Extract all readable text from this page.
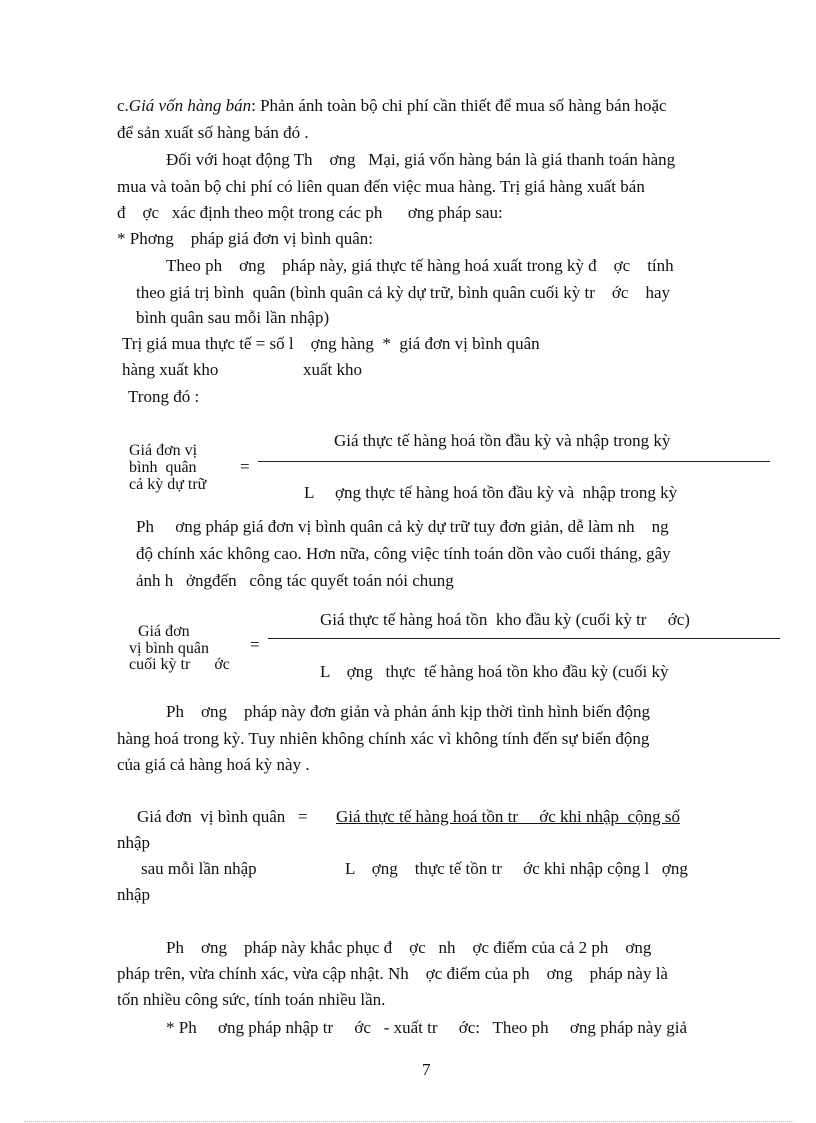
c.Giá vốn hàng bán: Phản ánh toàn bộ chi phí cần thiết để mua số hàng bán hoặc
để sản xuất số hàng bán đó .
Đối với hoạt động Th    ơng   Mại, giá vốn hàng bán là giá thanh toán hàng
mua và toàn bộ chi phí có liên quan đến việc mua hàng. Trị giá hàng xuất bán
đ    ợc   xác định theo một trong các ph      ơng pháp sau:
* Phơng    pháp giá đơn vị bình quân:
Theo ph    ơng    pháp này, giá thực tế hàng hoá xuất trong kỳ đ    ợc    tính
theo giá trị bình  quân (bình quân cả kỳ dự trữ, bình quân cuối kỳ tr    ớc    hay
bình quân sau mỗi lần nhập)
Trị giá mua thực tế = số l    ợng hàng  *  giá đơn vị bình quân
hàng xuất kho	xuất kho
Trong đó :
Giá đơn vị
bình  quân
cả kỳ dự trữ
=
Giá thực tế hàng hoá tồn đầu kỳ và nhập trong kỳ
L     ợng thực tế hàng hoá tồn đầu kỳ và  nhập trong kỳ
Ph     ơng pháp giá đơn vị bình quân cả kỳ dự trữ tuy đơn giản, dễ làm nh    ng
độ chính xác không cao. Hơn nữa, công việc tính toán dồn vào cuối tháng, gây
ảnh h   ởngđến   công tác quyết toán nói chung
Giá đơn
vị bình quân
cuối kỳ tr      ớc
=
Giá thực tế hàng hoá tồn  kho đầu kỳ (cuối kỳ tr     ớc)
L    ợng   thực  tế hàng hoá tồn kho đầu kỳ (cuối kỳ
Ph    ơng    pháp này đơn giản và phản ánh kịp thời tình hình biến động
hàng hoá trong kỳ. Tuy nhiên không chính xác vì không tính đến sự biến động
của giá cả hàng hoá kỳ này .
Giá đơn  vị bình quân   = Giá thực tế hàng hoá tồn tr     ớc khi nhập  cộng số
nhập
sau mỗi lần nhập	L    ợng    thực tế tồn tr     ớc khi nhập cộng l   ợng
nhập
Ph    ơng    pháp này khắc phục đ    ợc   nh    ợc điểm của cả 2 ph    ơng
pháp trên, vừa chính xác, vừa cập nhật. Nh    ợc điểm của ph    ơng    pháp này là
tốn nhiều công sức, tính toán nhiều lần.
* Ph     ơng pháp nhập tr     ớc   - xuất tr     ớc:   Theo ph     ơng pháp này giả
7
